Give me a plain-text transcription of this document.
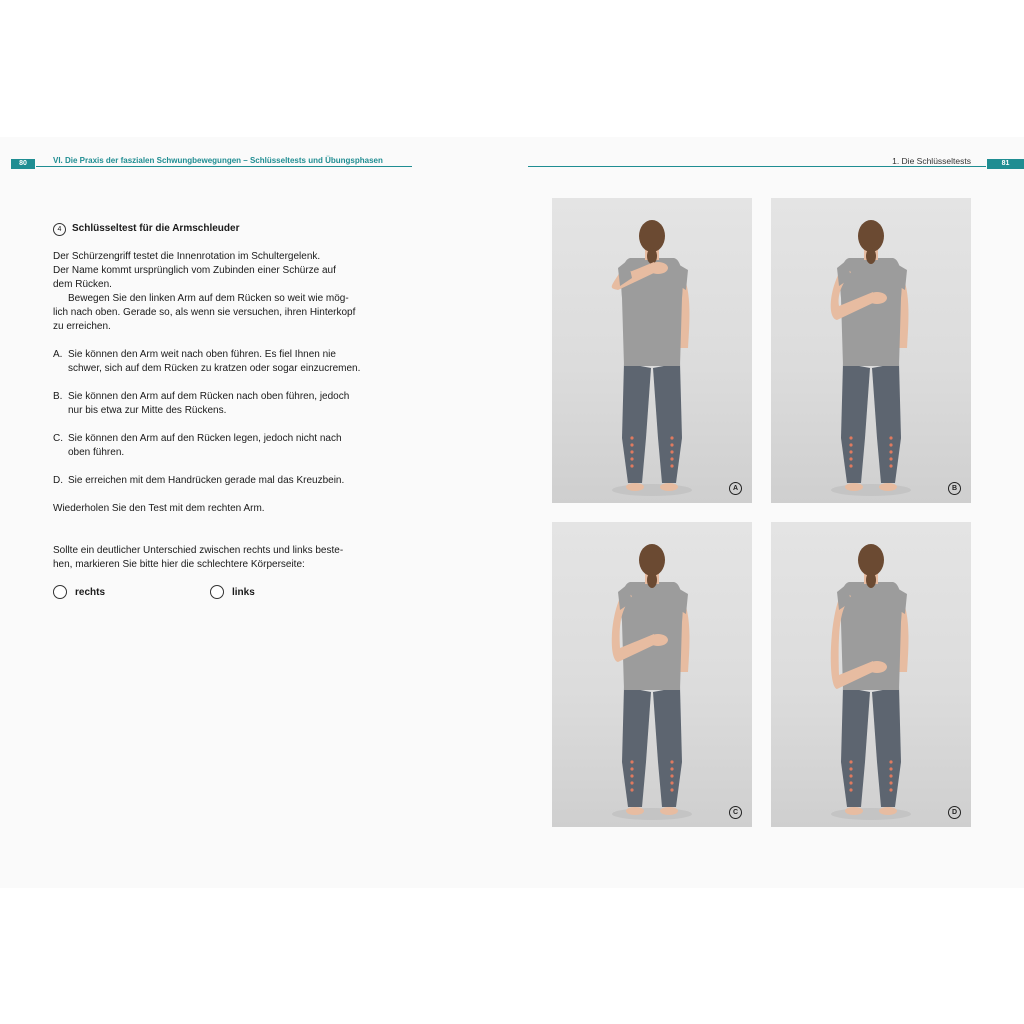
80	VI. Die Praxis der faszialen Schwungbewegungen – Schlüsseltests und Übungsphasen	1. Die Schlüsseltests	81
4	Schlüsseltest für die Armschleuder

Der Schürzengriff testet die Innenrotation im Schultergelenk.

Der Name kommt ursprünglich vom Zubinden einer Schürze auf

dem Rücken.

Bewegen Sie den linken Arm auf dem Rücken so weit wie mög-

lich nach oben. Gerade so, als wenn sie versuchen, ihren Hinterkopf

zu erreichen.

A. Sie können den Arm weit nach oben führen. Es fiel Ihnen nie
schwer, sich auf dem Rücken zu kratzen oder sogar einzucremen.
B. Sie können den Arm auf dem Rücken nach oben führen, jedoch
nur bis etwa zur Mitte des Rückens.
C. Sie können den Arm auf den Rücken legen, jedoch nicht nach
oben führen.
D. Sie erreichen mit dem Handrücken gerade mal das Kreuzbein.

Wiederholen Sie den Test mit dem rechten Arm.

Sollte ein deutlicher Unterschied zwischen rechts und links beste-

hen, markieren Sie bitte hier die schlechtere Körperseite:

rechts	links
A	B
C	D
